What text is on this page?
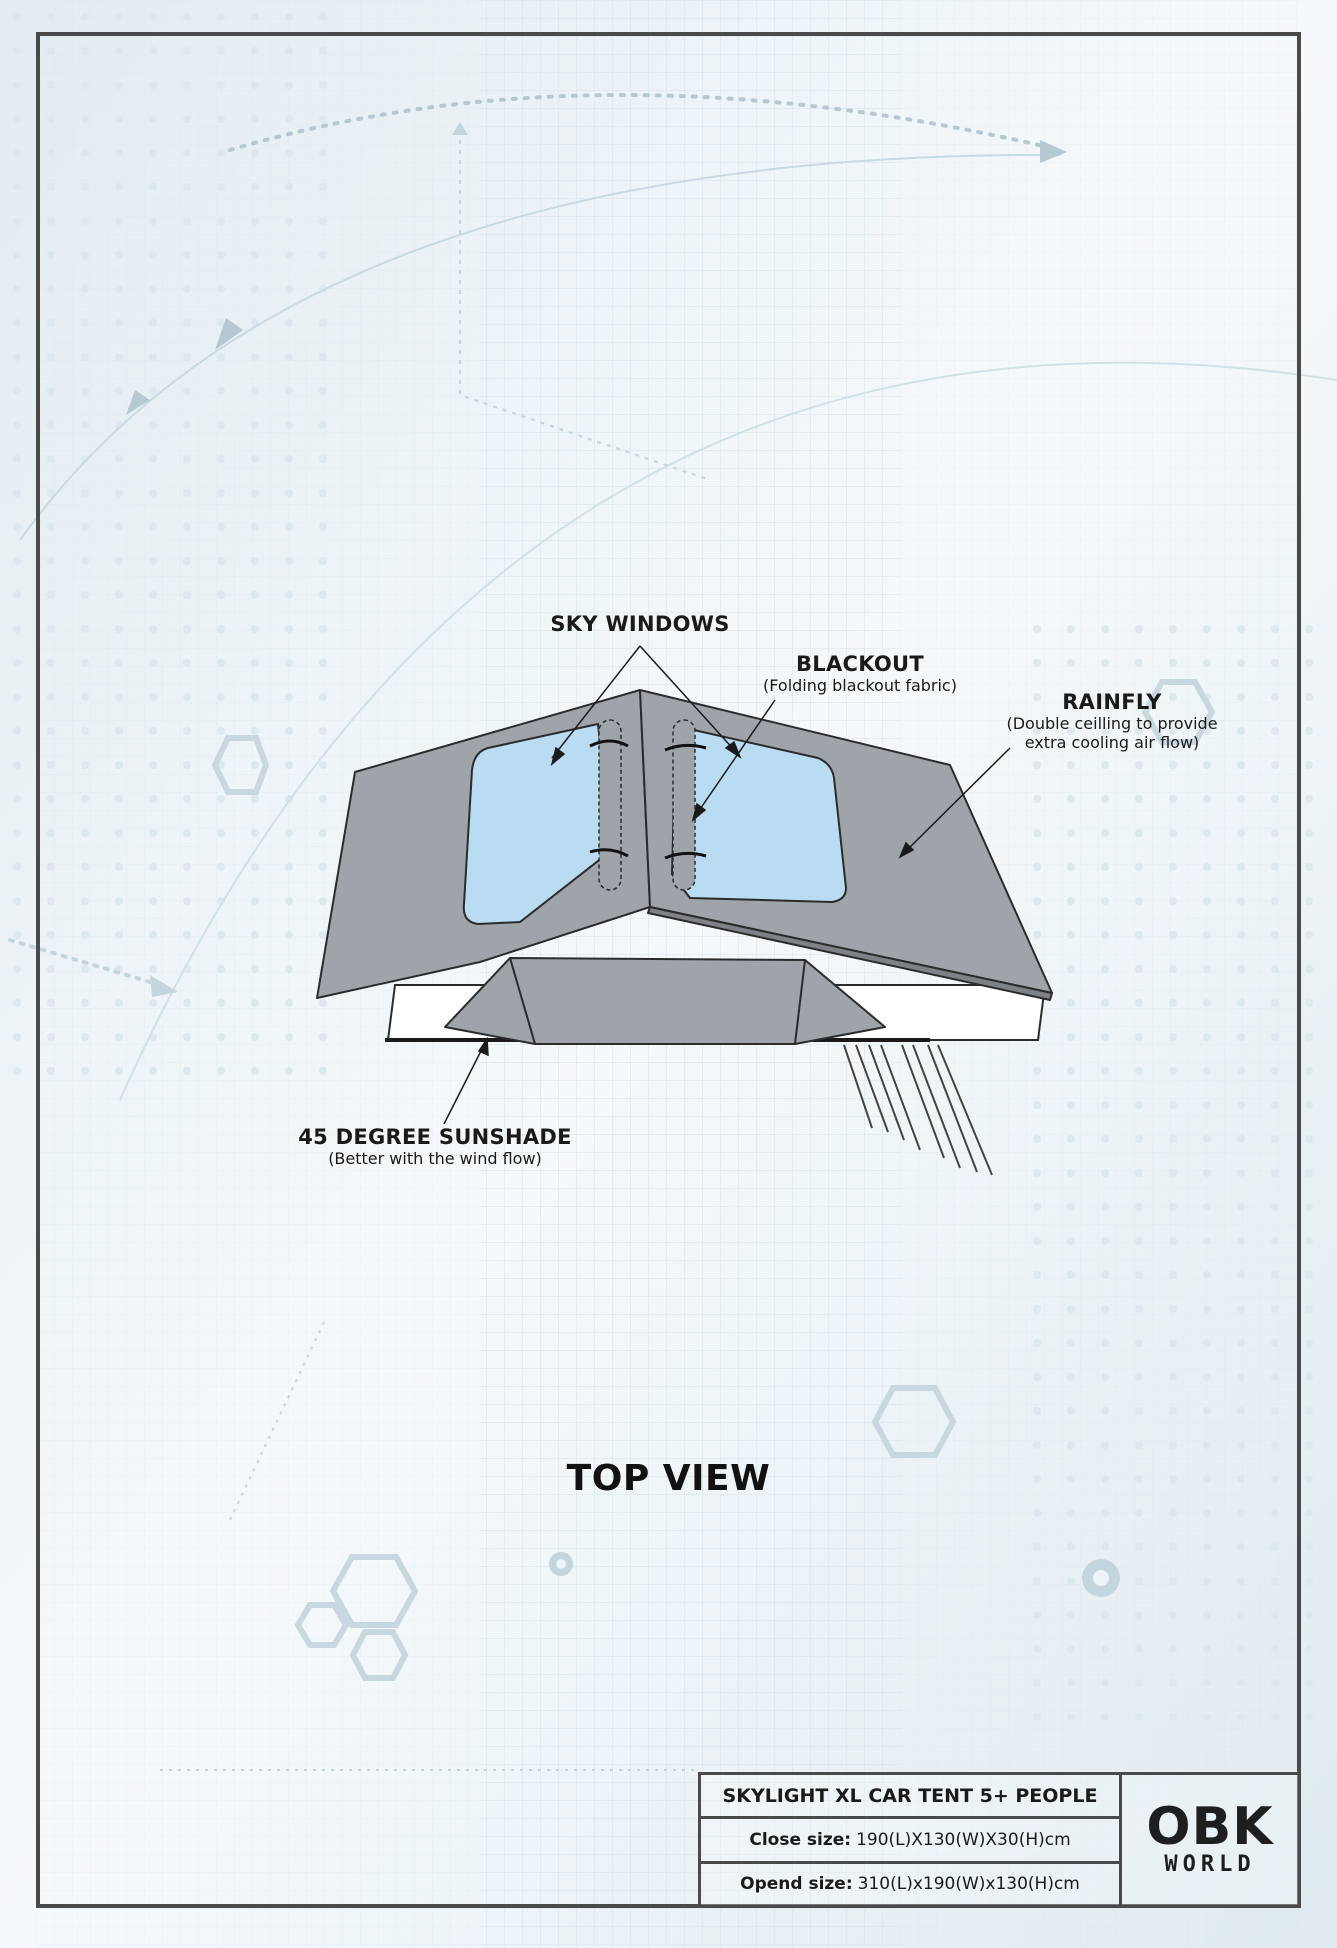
SKY WINDOWS
BLACKOUT
(Folding blackout fabric)
RAINFLY
(Double ceilling to provide
extra cooling air flow)
45 DEGREE SUNSHADE
(Better with the wind flow)
TOP VIEW
SKYLIGHT XL CAR TENT 5+ PEOPLE
Close size: 190(L)X130(W)X30(H)cm
Opend size: 310(L)x190(W)x130(H)cm
OBK
WORLD
